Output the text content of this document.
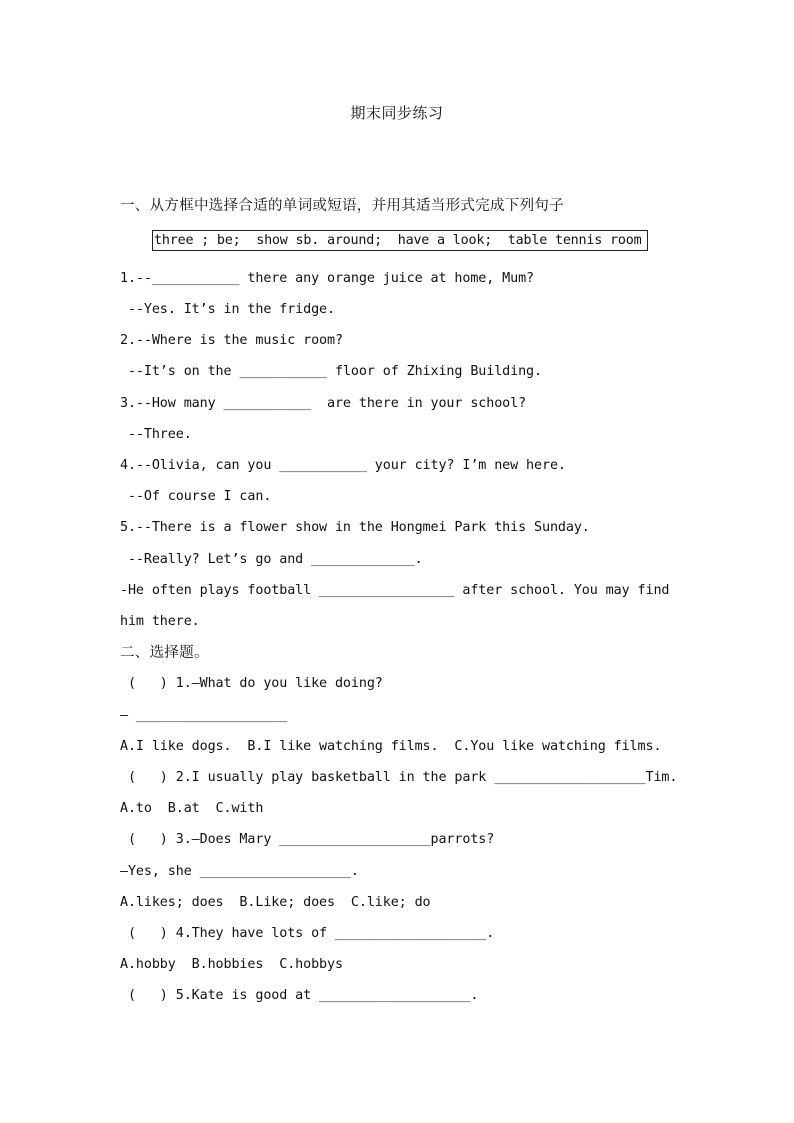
期末同步练习
一、从方框中选择合适的单词或短语，并用其适当形式完成下列句子
three ; be;  show sb. around;  have a look;  table tennis room
1.--___________ there any orange juice at home, Mum?
--Yes. It’s in the fridge.
2.--Where is the music room?
--It’s on the ___________ floor of Zhixing Building.
3.--How many ___________  are there in your school?
--Three.
4.--Olivia, can you ___________ your city? I’m new here.
--Of course I can.
5.--There is a flower show in the Hongmei Park this Sunday.
--Really? Let’s go and _____________.
-He often plays football _________________ after school. You may find
him there.
二、选择题。
(   ) 1.—What do you like doing?
— ___________________
A.I like dogs.  B.I like watching films.  C.You like watching films.
(   ) 2.I usually play basketball in the park ___________________Tim.
A.to  B.at  C.with
(   ) 3.—Does Mary ___________________parrots?
—Yes, she ___________________.
A.likes; does  B.Like; does  C.like; do
(   ) 4.They have lots of ___________________.
A.hobby  B.hobbies  C.hobbys
(   ) 5.Kate is good at ___________________.
